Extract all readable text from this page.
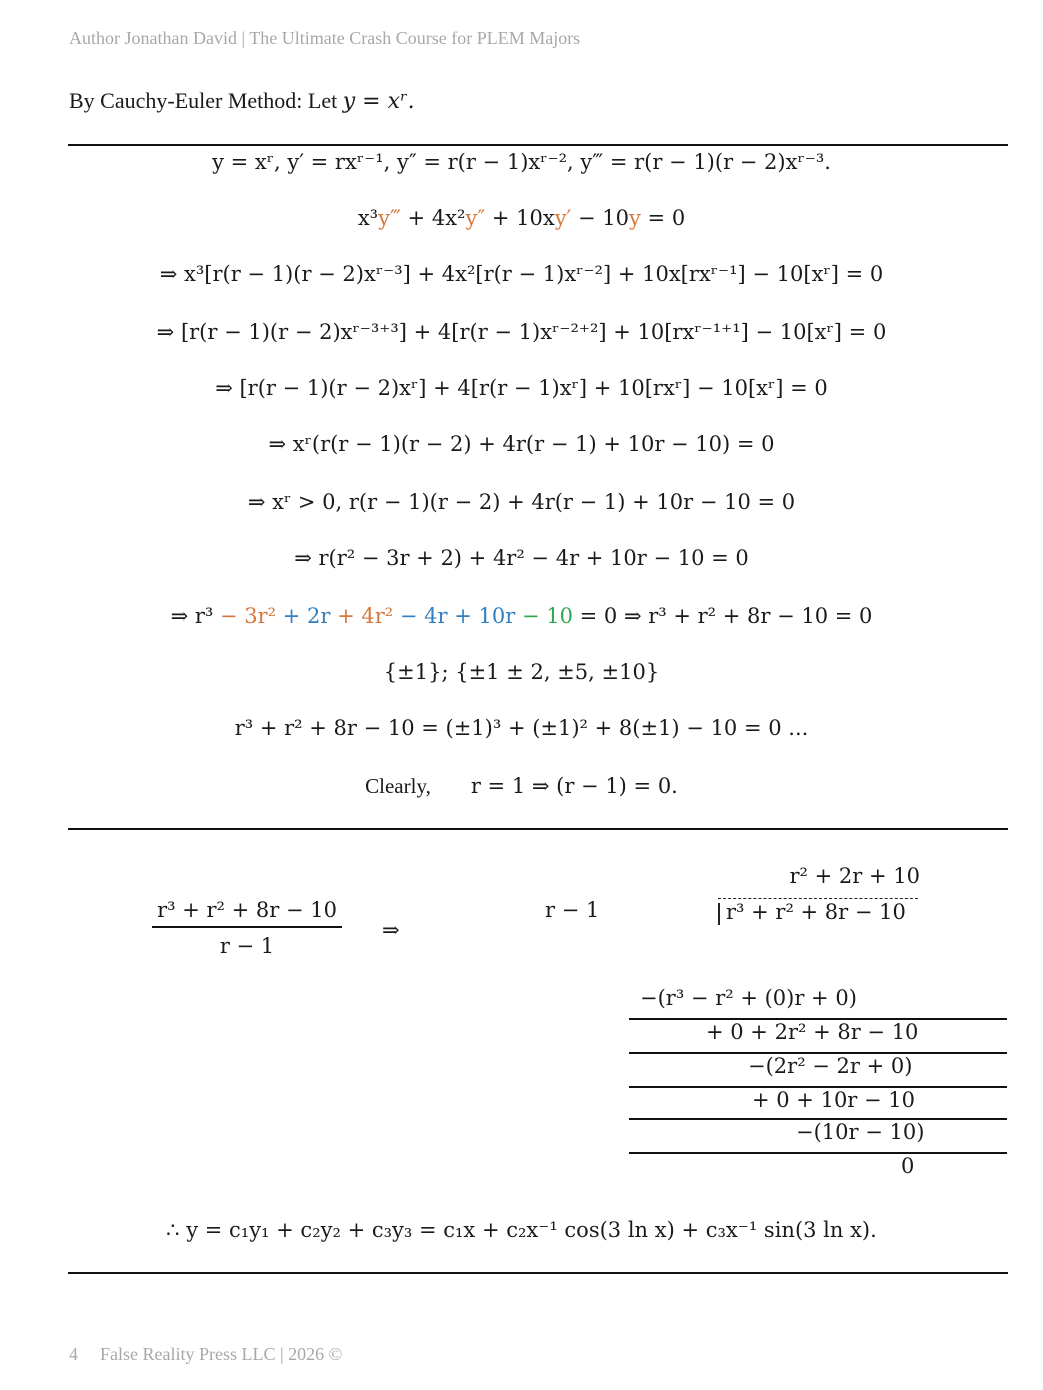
Author Jonathan David | The Ultimate Crash Course for PLEM Majors
By Cauchy-Euler Method: Let y = xʳ.
y = xʳ, y′ = rxʳ⁻¹, y″ = r(r − 1)xʳ⁻², y‴ = r(r − 1)(r − 2)xʳ⁻³.
x³y‴ + 4x²y″ + 10xy′ − 10y = 0
⇒ x³[r(r − 1)(r − 2)xʳ⁻³] + 4x²[r(r − 1)xʳ⁻²] + 10x[rxʳ⁻¹] − 10[xʳ] = 0
⇒ [r(r − 1)(r − 2)xʳ⁻³⁺³] + 4[r(r − 1)xʳ⁻²⁺²] + 10[rxʳ⁻¹⁺¹] − 10[xʳ] = 0
⇒ [r(r − 1)(r − 2)xʳ] + 4[r(r − 1)xʳ] + 10[rxʳ] − 10[xʳ] = 0
⇒ xʳ(r(r − 1)(r − 2) + 4r(r − 1) + 10r − 10) = 0
⇒ xʳ > 0, r(r − 1)(r − 2) + 4r(r − 1) + 10r − 10 = 0
⇒ r(r² − 3r + 2) + 4r² − 4r + 10r − 10 = 0
⇒ r³ − 3r² + 2r + 4r² − 4r + 10r − 10 = 0 ⇒ r³ + r² + 8r − 10 = 0
{±1}; {±1 ± 2, ±5, ±10}
r³ + r² + 8r − 10 = (±1)³ + (±1)² + 8(±1) − 10 = 0 ...
Clearly, r = 1 ⇒ (r − 1) = 0.
$\frac{\text{r³ + r² + 8r − 10}}{r - 1}$ ⇒
r − 1
r² + 2r + 10
r³ + r² + 8r − 10
−(r³ − r² + (0)r + 0)
+ 0 + 2r² + 8r − 10
−(2r² − 2r + 0)
+ 0 + 10r − 10
−(10r − 10)
0
∴ y = c₁y₁ + c₂y₂ + c₃y₃ = c₁x + c₂x⁻¹ cos(3 ln x) + c₃x⁻¹ sin(3 ln x).
4 False Reality Press LLC | 2026 ©
